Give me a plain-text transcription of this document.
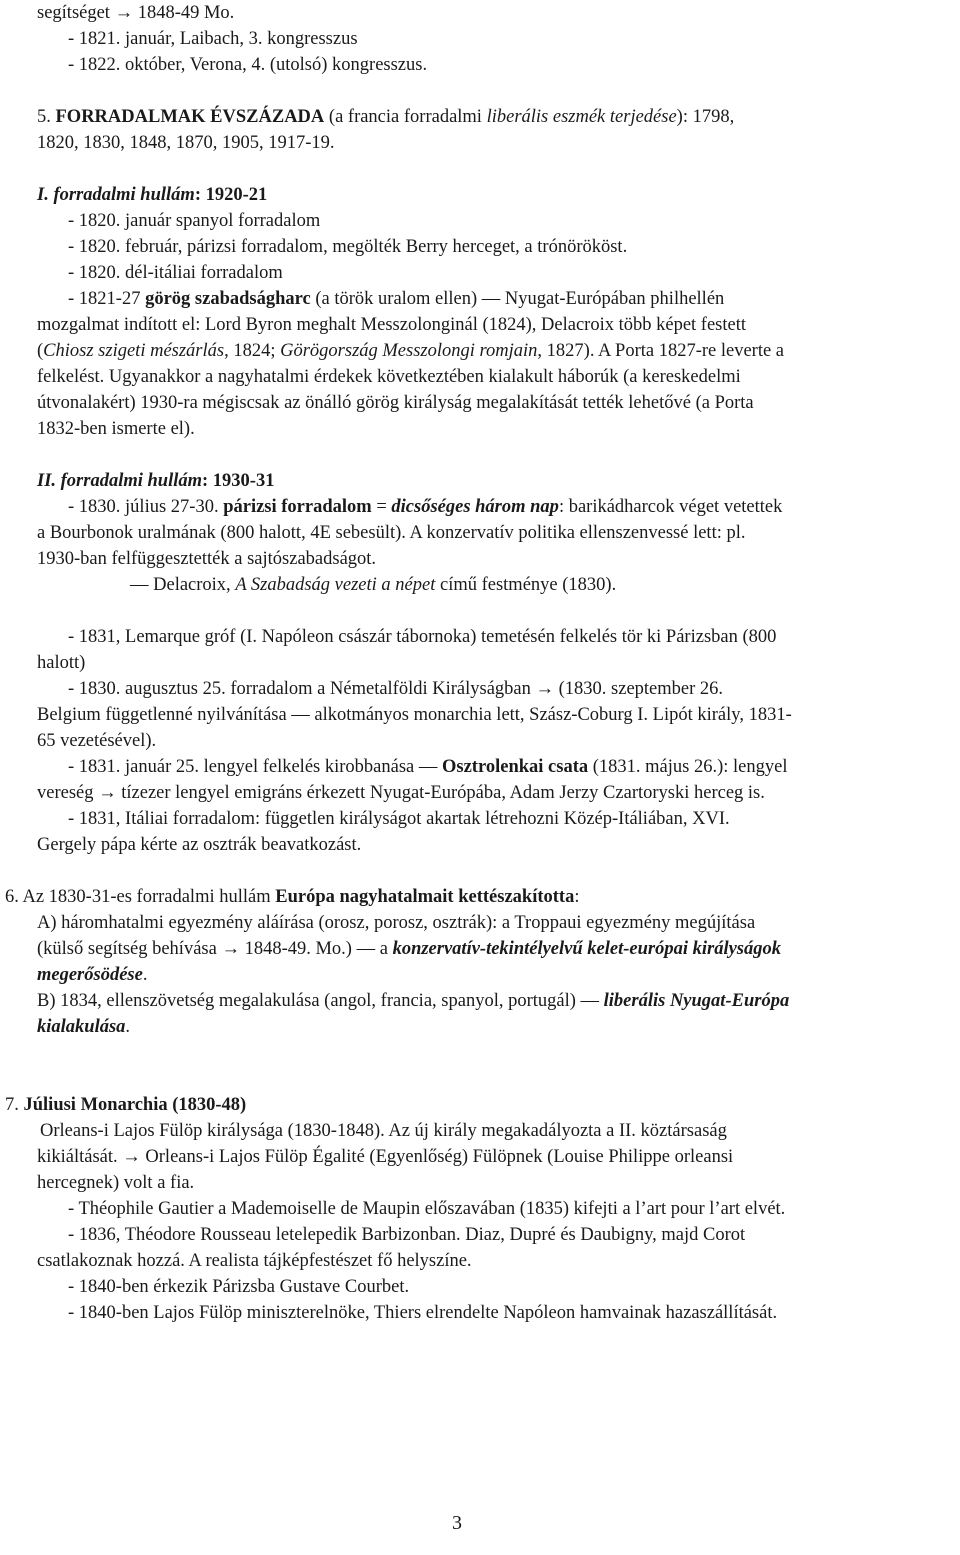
segítséget → 1848-49 Mo.
- 1821. január, Laibach, 3. kongresszus
- 1822. október, Verona, 4. (utolsó) kongresszus.
5. FORRADALMAK ÉVSZÁZADA (a francia forradalmi liberális eszmék terjedése): 1798,
1820, 1830, 1848, 1870, 1905, 1917-19.
I. forradalmi hullám: 1920-21
- 1820. január spanyol forradalom
- 1820. február, párizsi forradalom, megölték Berry herceget, a trónörököst.
- 1820. dél-itáliai forradalom
- 1821-27 görög szabadságharc (a török uralom ellen) ― Nyugat-Európában philhellén
mozgalmat indított el: Lord Byron meghalt Messzolonginál (1824), Delacroix több képet festett
(Chiosz szigeti mészárlás, 1824; Görögország Messzolongi romjain, 1827). A Porta 1827-re leverte a
felkelést. Ugyanakkor a nagyhatalmi érdekek következtében kialakult háborúk (a kereskedelmi
útvonalakért) 1930-ra mégiscsak az önálló görög királyság megalakítását tették lehetővé (a Porta
1832-ben ismerte el).
II. forradalmi hullám: 1930-31
- 1830. július 27-30. párizsi forradalom = dicsőséges három nap: barikádharcok véget vetettek
a Bourbonok uralmának (800 halott, 4E sebesült). A konzervatív politika ellenszenvessé lett: pl.
1930-ban felfüggesztették a sajtószabadságot.
― Delacroix, A Szabadság vezeti a népet című festménye (1830).
- 1831, Lemarque gróf (I. Napóleon császár tábornoka) temetésén felkelés tör ki Párizsban (800
halott)
- 1830. augusztus 25. forradalom a Németalföldi Királyságban → (1830. szeptember 26.
Belgium függetlenné nyilvánítása ― alkotmányos monarchia lett, Szász-Coburg I. Lipót király, 1831-
65 vezetésével).
- 1831. január 25. lengyel felkelés kirobbanása ― Osztrolenkai csata (1831. május 26.): lengyel
vereség → tízezer lengyel emigráns érkezett Nyugat-Európába, Adam Jerzy Czartoryski herceg is.
- 1831, Itáliai forradalom: független királyságot akartak létrehozni Közép-Itáliában, XVI.
Gergely pápa kérte az osztrák beavatkozást.
6. Az 1830-31-es forradalmi hullám Európa nagyhatalmait kettészakította:
A) háromhatalmi egyezmény aláírása (orosz, porosz, osztrák): a Troppaui egyezmény megújítása
(külső segítség behívása → 1848-49. Mo.) ― a konzervatív-tekintélyelvű kelet-európai királyságok
megerősödése.
B) 1834, ellenszövetség megalakulása (angol, francia, spanyol, portugál) ― liberális Nyugat-Európa
kialakulása.
7. Júliusi Monarchia (1830-48)
Orleans-i Lajos Fülöp királysága (1830-1848). Az új király megakadályozta a II. köztársaság
kikiáltását. → Orleans-i Lajos Fülöp Égalité (Egyenlőség) Fülöpnek (Louise Philippe orleansi
hercegnek) volt a fia.
- Théophile Gautier a Mademoiselle de Maupin előszavában (1835) kifejti a l’art pour l’art elvét.
- 1836, Théodore Rousseau letelepedik Barbizonban. Diaz, Dupré és Daubigny, majd Corot
csatlakoznak hozzá. A realista tájképfestészet fő helyszíne.
- 1840-ben érkezik Párizsba Gustave Courbet.
- 1840-ben Lajos Fülöp miniszterelnöke, Thiers elrendelte Napóleon hamvainak hazaszállítását.
3
